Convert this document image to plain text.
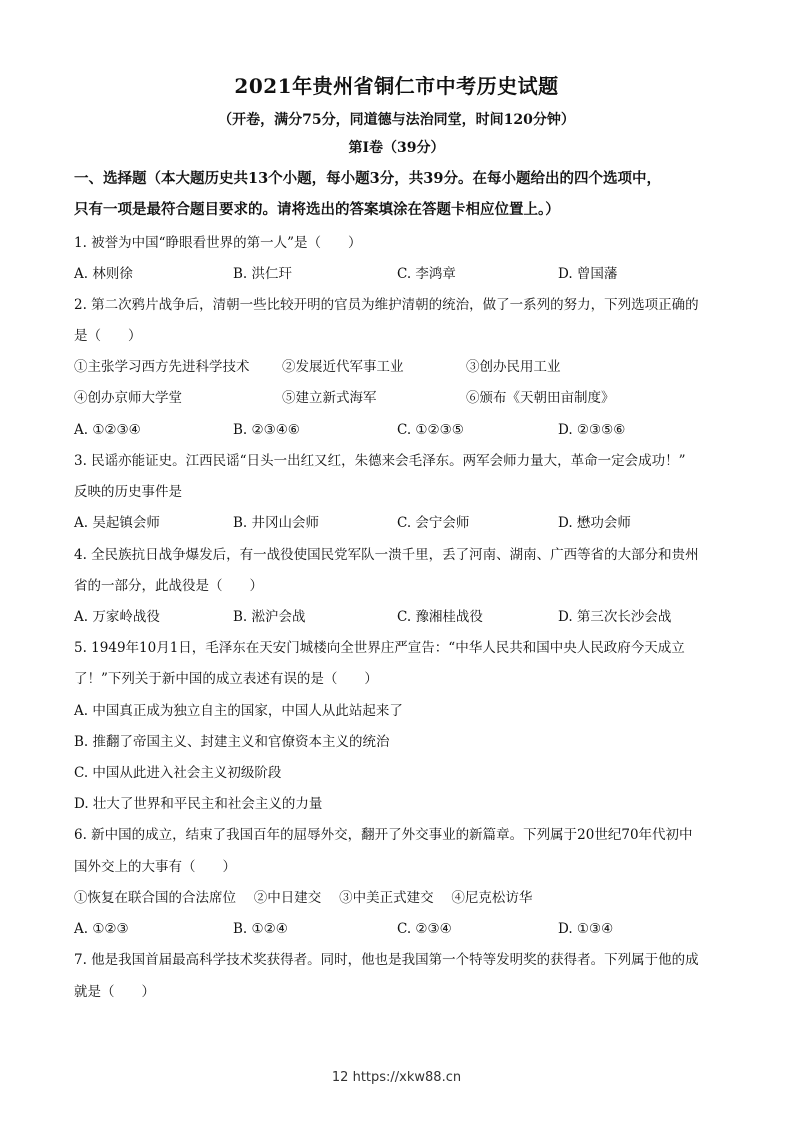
2021年贵州省铜仁市中考历史试题
（开卷，满分75分，同道德与法治同堂，时间120分钟）
第Ⅰ卷（39分）
一、选择题（本大题历史共13个小题，每小题3分，共39分。在每小题给出的四个选项中，
只有一项是最符合题目要求的。请将选出的答案填涂在答题卡相应位置上。）
1. 被誉为中国“睁眼看世界的第一人”是（　　）
A. 林则徐	B. 洪仁玕	C. 李鸿章	D. 曾国藩
2. 第二次鸦片战争后，清朝一些比较开明的官员为维护清朝的统治，做了一系列的努力，下列选项正确的
是（　　）
①主张学习西方先进科学技术 ②发展近代军事工业	③创办民用工业
④创办京师大学堂	⑤建立新式海军	⑥颁布《天朝田亩制度》
A. ①②③④	B. ②③④⑥	C. ①②③⑤	D. ②③⑤⑥
3. 民谣亦能证史。江西民谣“日头一出红又红，朱德来会毛泽东。两军会师力量大，革命一定会成功！”
反映的历史事件是
A. 吴起镇会师	B. 井冈山会师	C. 会宁会师	D. 懋功会师
4. 全民族抗日战争爆发后，有一战役使国民党军队一溃千里，丢了河南、湖南、广西等省的大部分和贵州
省的一部分，此战役是（　　）
A. 万家岭战役	B. 淞沪会战	C. 豫湘桂战役	D. 第三次长沙会战
5. 1949年10月1日，毛泽东在天安门城楼向全世界庄严宣告：“中华人民共和国中央人民政府今天成立
了！”下列关于新中国的成立表述有误的是（　　）
A. 中国真正成为独立自主的国家，中国人从此站起来了
B. 推翻了帝国主义、封建主义和官僚资本主义的统治
C. 中国从此进入社会主义初级阶段
D. 壮大了世界和平民主和社会主义的力量
6. 新中国的成立，结束了我国百年的屈辱外交，翻开了外交事业的新篇章。下列属于20世纪70年代初中
国外交上的大事有（　　）
①恢复在联合国的合法席位　 ②中日建交　 ③中美正式建交　 ④尼克松访华
A. ①②③	B. ①②④	C. ②③④	D. ①③④
7. 他是我国首届最高科学技术奖获得者。同时，他也是我国第一个特等发明奖的获得者。下列属于他的成
就是（　　）
12 https://xkw88.cn
